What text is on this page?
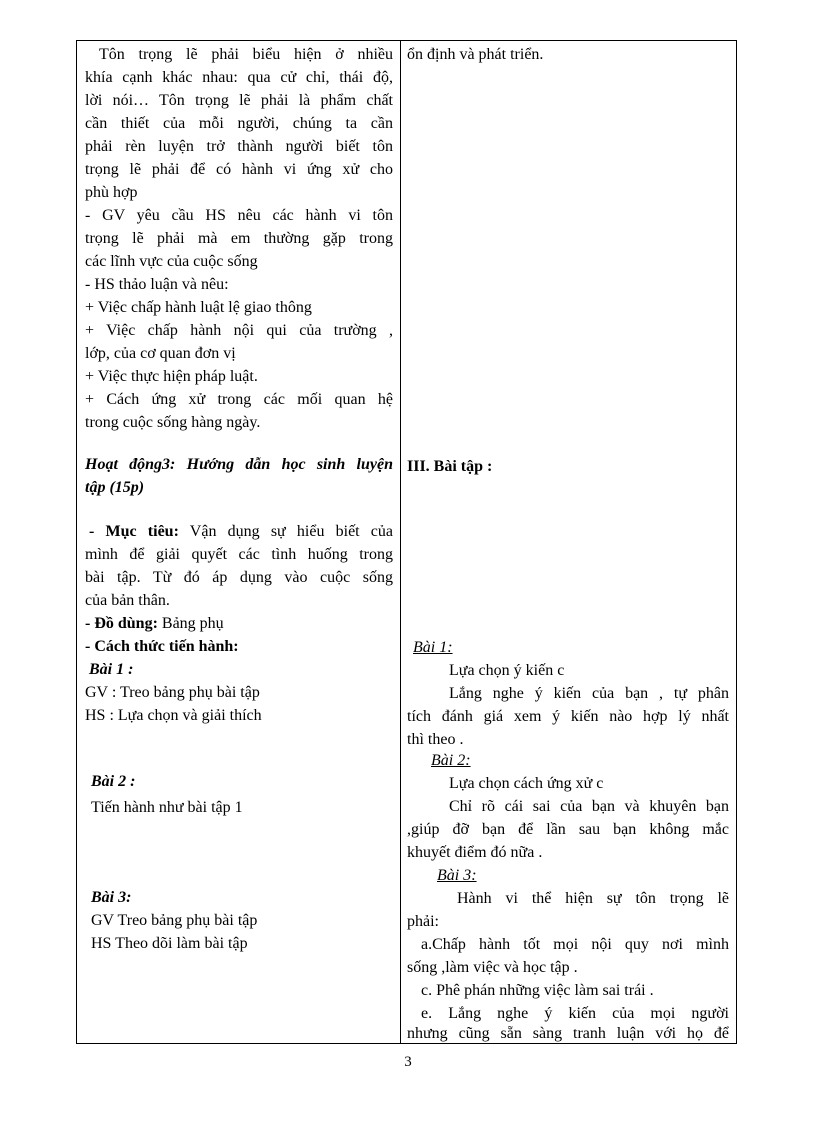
Tôn trọng lẽ phải biểu hiện ở nhiều
khía cạnh khác nhau: qua cử chỉ, thái độ,
lời nói… Tôn trọng lẽ phải là phẩm chất
cần thiết của mỗi người, chúng ta cần
phải rèn luyện trở thành người biết tôn
trọng lẽ phải để có hành vi ứng xử cho
phù hợp
- GV yêu cầu HS nêu các hành vi tôn
trọng lẽ phải mà em thường gặp trong
các lĩnh vực của cuộc sống
- HS thảo luận và nêu:
+ Việc chấp hành luật lệ giao thông
+ Việc chấp hành nội qui của trường ,
lớp, của cơ quan đơn vị
+ Việc thực hiện pháp luật.
+ Cách ứng xử trong các mối quan hệ
trong cuộc sống hàng ngày.
Hoạt động3: Hướng dẫn học sinh luyện
tập (15p)
- Mục tiêu: Vận dụng sự hiểu biết của
mình để giải quyết các tình huống trong
bài tập. Từ đó áp dụng vào cuộc sống
của bản thân.
- Đồ dùng: Bảng phụ
- Cách thức tiến hành:
Bài 1 :
GV : Treo bảng phụ bài tập
HS : Lựa chọn và giải thích
Bài 2 :
Tiến hành như bài tập 1
Bài 3:
GV Treo bảng phụ bài tập
HS Theo dõi làm bài tập
ổn định và phát triển.
III. Bài tập :
Bài 1:
Lựa chọn ý kiến c
Lắng nghe ý kiến của bạn , tự phân
tích đánh giá xem ý kiến nào hợp lý nhất
thì theo .
Bài 2:
Lựa chọn cách ứng xử c
Chỉ rõ cái sai của bạn và khuyên bạn
,giúp đỡ bạn để lần sau bạn không mắc
khuyết điểm đó nữa .
Bài 3:
Hành vi thể hiện sự tôn trọng lẽ
phải:
a.Chấp hành tốt mọi nội quy nơi mình
sống ,làm việc và học tập .
c. Phê phán những việc làm sai trái .
e. Lắng nghe ý kiến của mọi người
nhưng cũng sẵn sàng tranh luận với họ để
3
